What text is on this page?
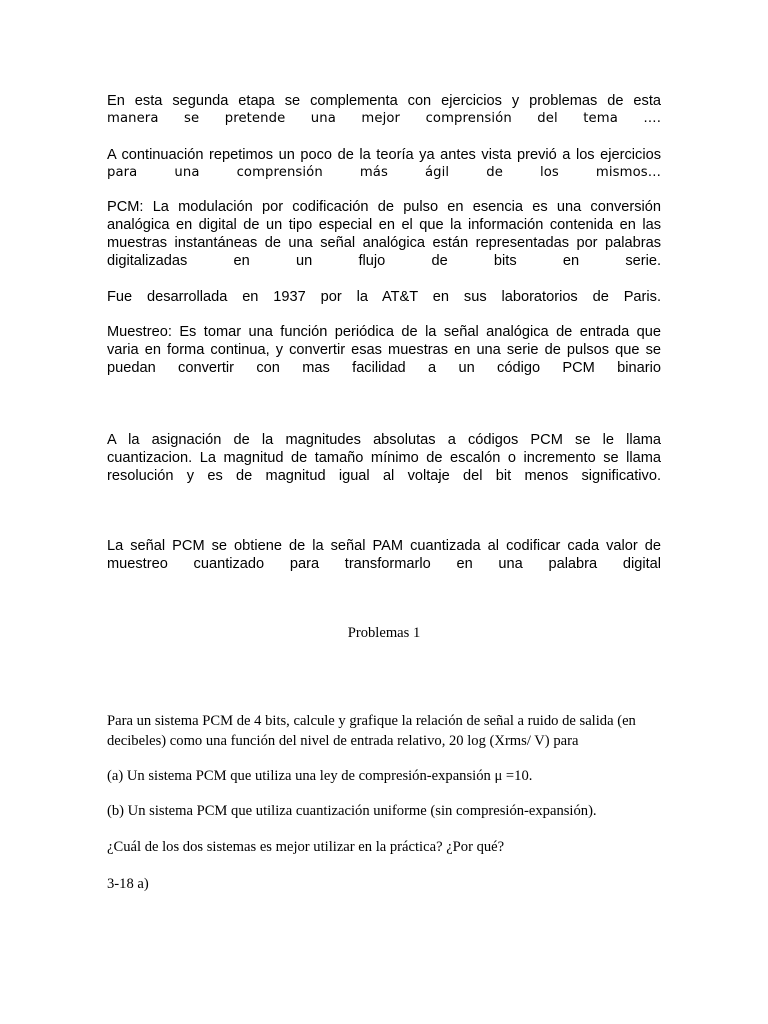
En esta segunda etapa se complementa con ejercicios y problemas de esta
manera se pretende una mejor comprensión del tema ….
A continuación repetimos un poco de la teoría ya antes vista previó a los ejercicios
para una comprensión más ágil de los mismos…
PCM: La modulación por codificación de pulso en esencia es una conversión
analógica en digital de un tipo especial en el que la información contenida en las
muestras instantáneas de una señal analógica están representadas por palabras
digitalizadas en un flujo de bits en serie.
Fue desarrollada en 1937 por la AT&T en sus laboratorios de Paris.
Muestreo: Es tomar una función periódica de la señal analógica de entrada que
varia en forma continua, y convertir esas muestras en una serie de pulsos que se
puedan convertir con mas facilidad a un código PCM binario
A la asignación de la magnitudes absolutas a códigos PCM se le llama
cuantizacion. La magnitud de tamaño mínimo de escalón o incremento se llama
resolución y es de magnitud igual al voltaje del bit menos significativo.
La señal PCM se obtiene de la señal PAM cuantizada al codificar cada valor de
muestreo cuantizado para transformarlo en una palabra digital
Problemas 1
Para un sistema PCM de 4 bits, calcule y grafique la relación de señal a ruido de salida (en
decibeles) como una función del nivel de entrada relativo, 20 log (Xrms/ V) para
(a) Un sistema PCM que utiliza una ley de compresión-expansión μ =10.
(b) Un sistema PCM que utiliza cuantización uniforme (sin compresión-expansión).
¿Cuál de los dos sistemas es mejor utilizar en la práctica? ¿Por qué?
3-18 a)
